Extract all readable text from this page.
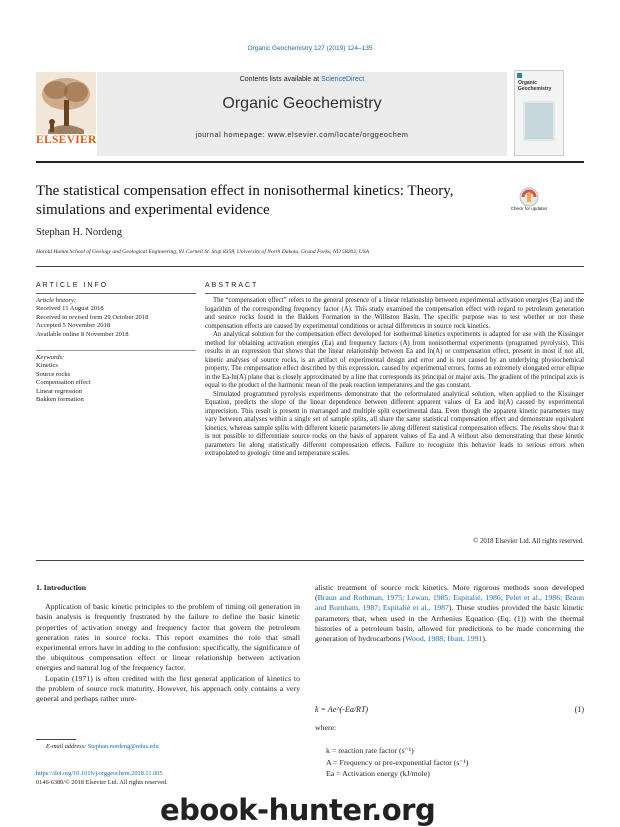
Organic Geochemistry 127 (2019) 124–135
ELSEVIER
Contents lists available at ScienceDirect
Organic Geochemistry
journal homepage: www.elsevier.com/locate/orggeochem
Organic Geochemistry
The statistical compensation effect in nonisothermal kinetics: Theory, simulations and experimental evidence	Check for updates
Stephan H. Nordeng
Harold Hamm School of Geology and Geological Engineering, 81 Cornell St. Stop 8358, University of North Dakota, Grand Forks, ND 58202, USA
ARTICLE INFO	ABSTRACT
Article history:
Received 11 August 2018
Received in revised form 29 October 2018
Accepted 5 November 2018
Available online 8 November 2018
Keywords:
Kinetics
Source rocks
Compensation effect
Linear regression
Bakken formation

The “compensation effect” refers to the general presence of a linear relationship between experimental activation energies (Ea) and the logarithm of the corresponding frequency factor (A). This study examined the compensation effect with regard to petroleum generation and source rocks found in the Bakken Formation in the Williston Basin. The specific purpose was to test whether or not these compensation effects are caused by experimental conditions or actual differences in source rock kinetics.

An analytical solution for the compensation effect developed for isothermal kinetics experiments is adapted for use with the Kissinger method for obtaining activation energies (Ea) and frequency factors (A) from nonisothermal experiments (programed pyrolysis). This results in an expression that shows that the linear relationship between Ea and ln(A) or compensation effect, present in most if not all, kinetic analyses of source rocks, is an artifact of experimental design and error and is not caused by an underlying physiochemical property. The compensation effect described by this expression, caused by experimental errors, forms an extremely elongated error ellipse in the Ea-ln(A) plane that is closely approximated by a line that corresponds its principal or major axis. The gradient of the principal axis is equal to the product of the harmonic mean of the peak reaction temperatures and the gas constant.

Simulated programmed pyrolysis experiments demonstrate that the reformulated analytical solution, when applied to the Kissinger Equation, predicts the slope of the linear dependence between different apparent values of Ea and ln(A) caused by experimental imprecision. This result is present in rearranged and multiple split experimental data. Even though the apparent kinetic parameters may vary between analyses within a single set of sample splits, all share the same statistical compensation effect and demonstrate equivalent kinetics, whereas sample splits with different kinetic parameters lie along different statistical compensation effects. The results show that it is not possible to differentiate source rocks on the basis of apparent values of Ea and A without also demonstrating that these kinetic parameters lie along statistically different compensation effects. Failure to recognize this behavior leads to serious errors when extrapolated to geologic time and temperature scales.

© 2018 Elsevier Ltd. All rights reserved.
1. Introduction

Application of basic kinetic principles to the problem of timing oil generation in basin analysis is frequently frustrated by the failure to define the basic kinetic properties of activation energy and frequency factor that govern the petroleum generation rates in source rocks. This report examines the role that small experimental errors have in adding to the confusion: specifically, the significance of the ubiquitous compensation effect or linear relationship between activation energies and natural log of the frequency factor.

Lopatin (1971) is often credited with the first general application of kinetics to the problem of source rock maturity. However, his approach only contains a very general and perhaps rather unre-

E-mail address: Stephan.nordeng@ndus.edu
https://doi.org/10.1016/j.orggeochem.2018.11.005
0146-6380/© 2018 Elsevier Ltd. All rights reserved.

alistic treatment of source rock kinetics. More rigorous methods soon developed (Braun and Rothman, 1975; Lewan, 1985; Espitalié, 1986; Pelet et al., 1986; Braun and Burnham, 1987; Espitalié et al., 1987). These studies provided the basic kinetic parameters that, when used in the Arrhenius Equation (Eq. (1)) with the thermal histories of a petroleum basin, allowed for predictions to be made concerning the generation of hydrocarbons (Wood, 1988; Hunt, 1991).

k = Ae^(-Ea/RT)	(1)
where:
k = reaction rate factor (s⁻¹)
A = Frequency or pre-exponential factor (s⁻¹)
Ea = Activation energy (kJ/mole)
ebook-hunter.org
